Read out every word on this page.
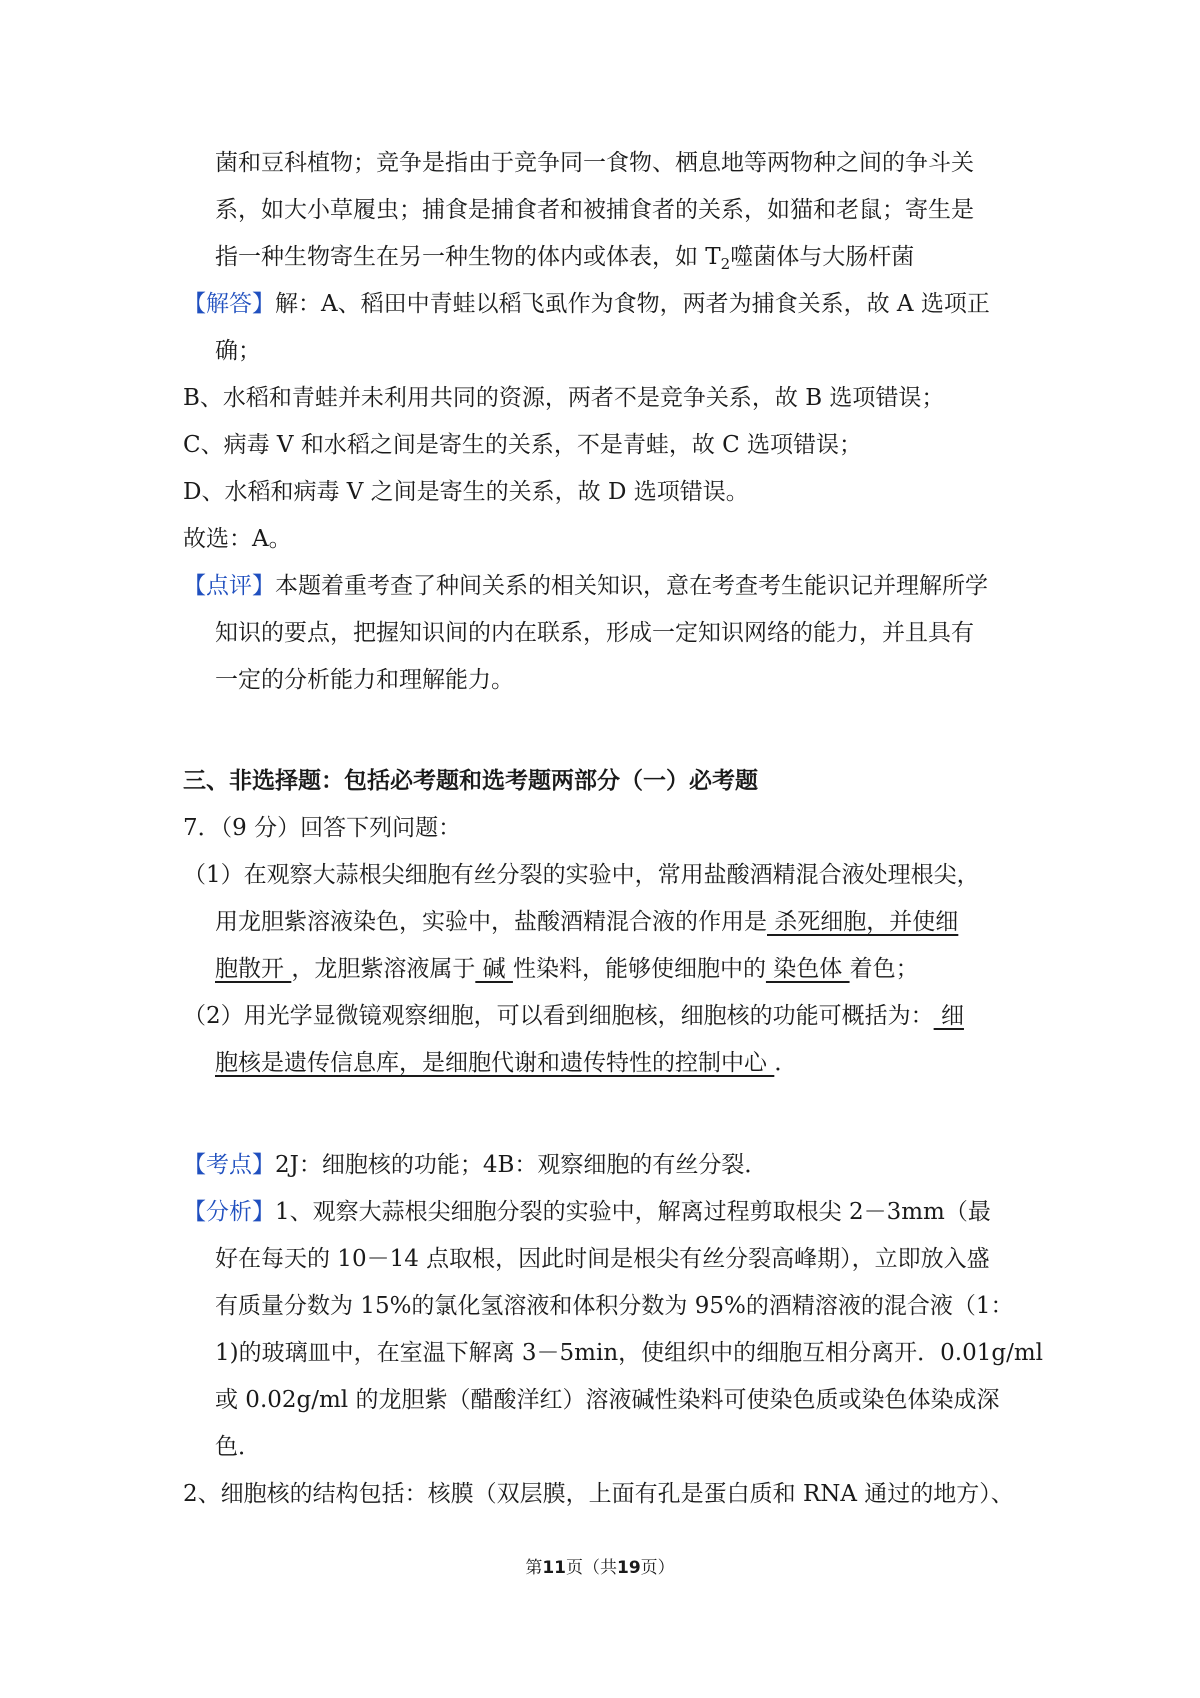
菌和豆科植物；竞争是指由于竞争同一食物、栖息地等两物种之间的争斗关
系，如大小草履虫；捕食是捕食者和被捕食者的关系，如猫和老鼠；寄生是
指一种生物寄生在另一种生物的体内或体表，如 $T_2$噬菌体与大肠杆菌
【解答】解：A、稻田中青蛙以稻飞虱作为食物，两者为捕食关系，故 A 选项正
确；
B、水稻和青蛙并未利用共同的资源，两者不是竞争关系，故 B 选项错误；
C、病毒 V 和水稻之间是寄生的关系，不是青蛙，故 C 选项错误；
D、水稻和病毒 V 之间是寄生的关系，故 D 选项错误。
故选：A。
【点评】本题着重考查了种间关系的相关知识，意在考查考生能识记并理解所学
知识的要点，把握知识间的内在联系，形成一定知识网络的能力，并且具有
一定的分析能力和理解能力。
三、非选择题：包括必考题和选考题两部分（一）必考题
7．（9 分）回答下列问题：
（1）在观察大蒜根尖细胞有丝分裂的实验中，常用盐酸酒精混合液处理根尖，
用龙胆紫溶液染色，实验中，盐酸酒精混合液的作用是 杀死细胞，并使细
胞散开 ，龙胆紫溶液属于 碱 性染料，能够使细胞中的 染色体 着色；
（2）用光学显微镜观察细胞，可以看到细胞核，细胞核的功能可概括为： 细
胞核是遗传信息库，是细胞代谢和遗传特性的控制中心 ．
【考点】2J：细胞核的功能；4B：观察细胞的有丝分裂．
【分析】1、观察大蒜根尖细胞分裂的实验中，解离过程剪取根尖 2－3mm（最
好在每天的 10－14 点取根，因此时间是根尖有丝分裂高峰期），立即放入盛
有质量分数为 15%的氯化氢溶液和体积分数为 95%的酒精溶液的混合液（1：
1)的玻璃皿中，在室温下解离 3－5min，使组织中的细胞互相分离开．0.01g/ml
或 0.02g/ml 的龙胆紫（醋酸洋红）溶液碱性染料可使染色质或染色体染成深
色．
2、细胞核的结构包括：核膜（双层膜，上面有孔是蛋白质和 RNA 通过的地方）、
第11页（共19页）
